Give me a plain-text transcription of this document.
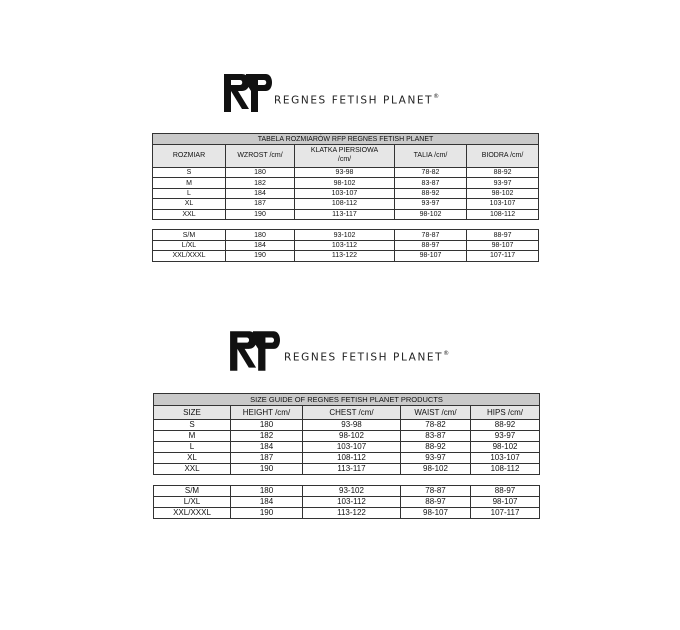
REGNES FETISH PLANET®
TABELA ROZMIARÓW RFP REGNES FETISH PLANET				
ROZMIAR	WZROST /cm/	KLATKA PIERSIOWA /cm/	TALIA /cm/	BIODRA /cm/
S	180	93-98	78-82	88-92
M	182	98-102	83-87	93-97
L	184	103-107	88-92	98-102
XL	187	108-112	93-97	103-107
XXL	190	113-117	98-102	108-112

S/M	180	93-102	78-87	88-97
L/XL	184	103-112	88-97	98-107
XXL/XXXL	190	113-122	98-107	107-117
REGNES FETISH PLANET®
SIZE GUIDE OF REGNES FETISH PLANET PRODUCTS				
SIZE	HEIGHT /cm/	CHEST /cm/	WAIST /cm/	HIPS /cm/
S	180	93-98	78-82	88-92
M	182	98-102	83-87	93-97
L	184	103-107	88-92	98-102
XL	187	108-112	93-97	103-107
XXL	190	113-117	98-102	108-112

S/M	180	93-102	78-87	88-97
L/XL	184	103-112	88-97	98-107
XXL/XXXL	190	113-122	98-107	107-117
